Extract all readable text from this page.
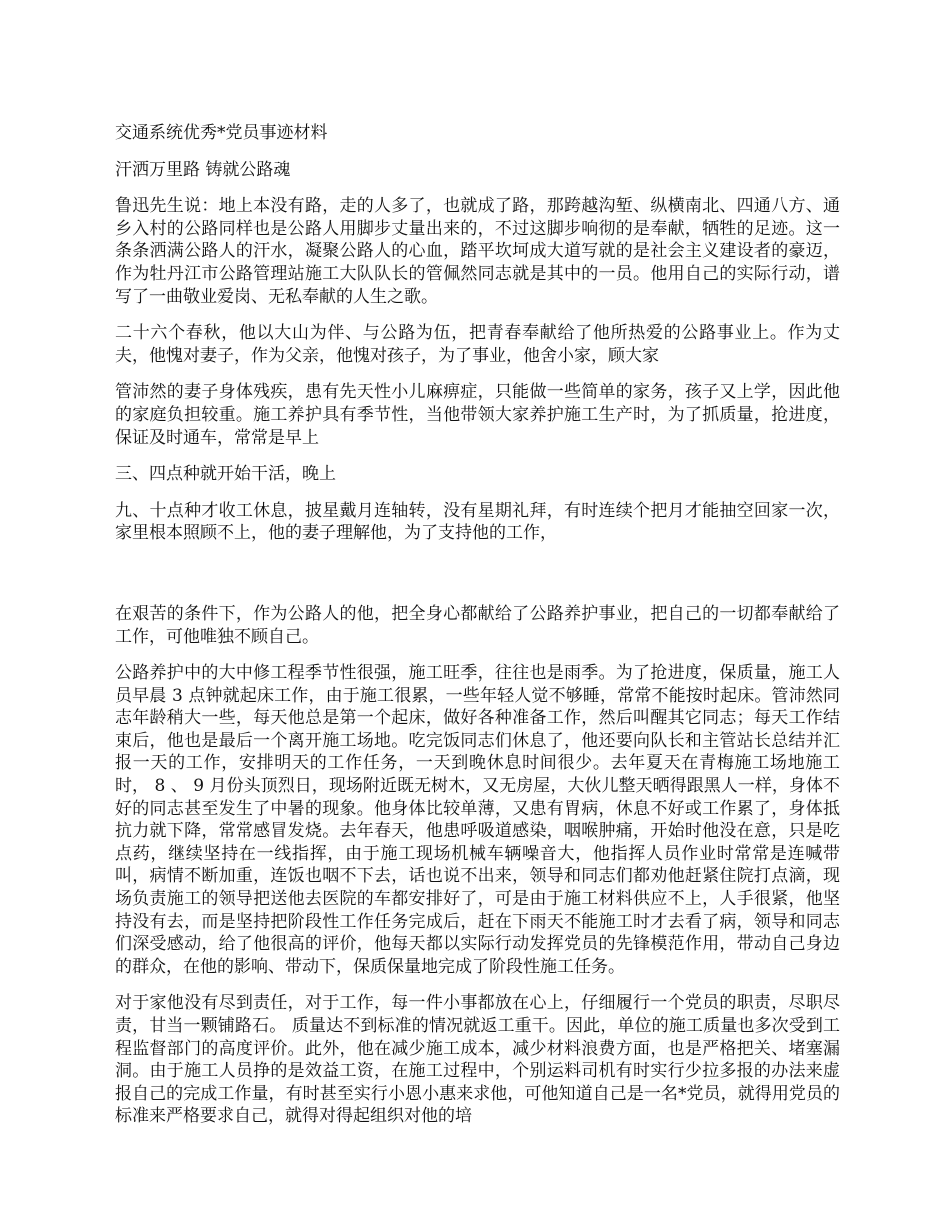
交通系统优秀*党员事迹材料

汗洒万里路 铸就公路魂

鲁迅先生说：地上本没有路，走的人多了，也就成了路，那跨越沟堑、纵横南北、四通八方、通乡入村的公路同样也是公路人用脚步丈量出来的，不过这脚步响彻的是奉献，牺牲的足迹。这一条条洒满公路人的汗水，凝聚公路人的心血，踏平坎坷成大道写就的是社会主义建设者的豪迈，作为牡丹江市公路管理站施工大队队长的管佩然同志就是其中的一员。他用自己的实际行动，谱写了一曲敬业爱岗、无私奉献的人生之歌。

二十六个春秋，他以大山为伴、与公路为伍，把青春奉献给了他所热爱的公路事业上。作为丈夫，他愧对妻子，作为父亲，他愧对孩子，为了事业，他舍小家，顾大家

管沛然的妻子身体残疾，患有先天性小儿麻痹症，只能做一些简单的家务，孩子又上学，因此他的家庭负担较重。施工养护具有季节性，当他带领大家养护施工生产时，为了抓质量，抢进度，保证及时通车，常常是早上

三、四点种就开始干活，晚上

九、十点种才收工休息，披星戴月连轴转，没有星期礼拜，有时连续个把月才能抽空回家一次，家里根本照顾不上，他的妻子理解他，为了支持他的工作，

在艰苦的条件下，作为公路人的他，把全身心都献给了公路养护事业，把自己的一切都奉献给了工作，可他唯独不顾自己。

公路养护中的大中修工程季节性很强，施工旺季，往往也是雨季。为了抢进度，保质量，施工人员早晨 3 点钟就起床工作，由于施工很累，一些年轻人觉不够睡，常常不能按时起床。管沛然同志年龄稍大一些，每天他总是第一个起床，做好各种准备工作，然后叫醒其它同志；每天工作结束后，他也是最后一个离开施工场地。吃完饭同志们休息了，他还要向队长和主管站长总结并汇报一天的工作，安排明天的工作任务，一天到晚休息时间很少。去年夏天在青梅施工场地施工时， 8 、 9 月份头顶烈日，现场附近既无树木，又无房屋，大伙儿整天晒得跟黑人一样，身体不好的同志甚至发生了中暑的现象。他身体比较单薄，又患有胃病，休息不好或工作累了，身体抵抗力就下降，常常感冒发烧。去年春天，他患呼吸道感染，咽喉肿痛，开始时他没在意，只是吃点药，继续坚持在一线指挥，由于施工现场机械车辆噪音大，他指挥人员作业时常常是连喊带叫，病情不断加重，连饭也咽不下去，话也说不出来，领导和同志们都劝他赶紧住院打点滴，现场负责施工的领导把送他去医院的车都安排好了，可是由于施工材料供应不上，人手很紧，他坚持没有去，而是坚持把阶段性工作任务完成后，赶在下雨天不能施工时才去看了病，领导和同志们深受感动，给了他很高的评价，他每天都以实际行动发挥党员的先锋模范作用，带动自己身边的群众，在他的影响、带动下，保质保量地完成了阶段性施工任务。

对于家他没有尽到责任，对于工作，每一件小事都放在心上，仔细履行一个党员的职责，尽职尽责，甘当一颗铺路石。 质量达不到标准的情况就返工重干。因此，单位的施工质量也多次受到工程监督部门的高度评价。此外，他在减少施工成本，减少材料浪费方面，也是严格把关、堵塞漏洞。由于施工人员挣的是效益工资，在施工过程中，个别运料司机有时实行少拉多报的办法来虚报自己的完成工作量，有时甚至实行小恩小惠来求他，可他知道自己是一名*党员，就得用党员的标准来严格要求自己，就得对得起组织对他的培
